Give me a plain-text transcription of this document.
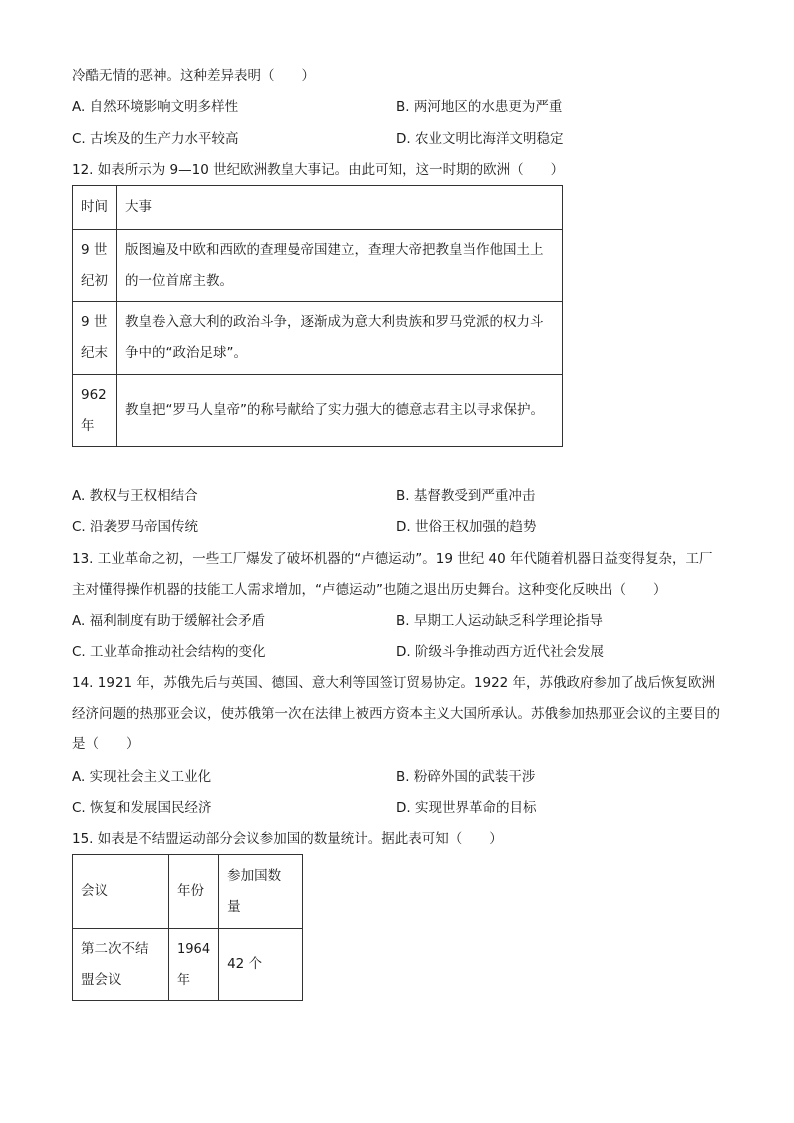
冷酷无情的恶神。这种差异表明（　　）
A. 自然环境影响文明多样性	B. 两河地区的水患更为严重
C. 古埃及的生产力水平较高	D. 农业文明比海洋文明稳定
12. 如表所示为 9—10 世纪欧洲教皇大事记。由此可知，这一时期的欧洲（　　）
时间	大事
9 世纪初	版图遍及中欧和西欧的查理曼帝国建立，查理大帝把教皇当作他国土上的一位首席主教。
9 世纪末	教皇卷入意大利的政治斗争，逐渐成为意大利贵族和罗马党派的权力斗争中的“政治足球”。
962 年	教皇把“罗马人皇帝”的称号献给了实力强大的德意志君主以寻求保护。
A. 教权与王权相结合	B. 基督教受到严重冲击
C. 沿袭罗马帝国传统	D. 世俗王权加强的趋势
13. 工业革命之初，一些工厂爆发了破坏机器的“卢德运动”。19 世纪 40 年代随着机器日益变得复杂，工厂主对懂得操作机器的技能工人需求增加，“卢德运动”也随之退出历史舞台。这种变化反映出（　　）
A. 福利制度有助于缓解社会矛盾	B. 早期工人运动缺乏科学理论指导
C. 工业革命推动社会结构的变化	D. 阶级斗争推动西方近代社会发展
14. 1921 年，苏俄先后与英国、德国、意大利等国签订贸易协定。1922 年，苏俄政府参加了战后恢复欧洲经济问题的热那亚会议，使苏俄第一次在法律上被西方资本主义大国所承认。苏俄参加热那亚会议的主要目的是（　　）
A. 实现社会主义工业化	B. 粉碎外国的武装干涉
C. 恢复和发展国民经济	D. 实现世界革命的目标
15. 如表是不结盟运动部分会议参加国的数量统计。据此表可知（　　）
会议	年份	参加国数量
第二次不结盟会议	1964 年	42 个
